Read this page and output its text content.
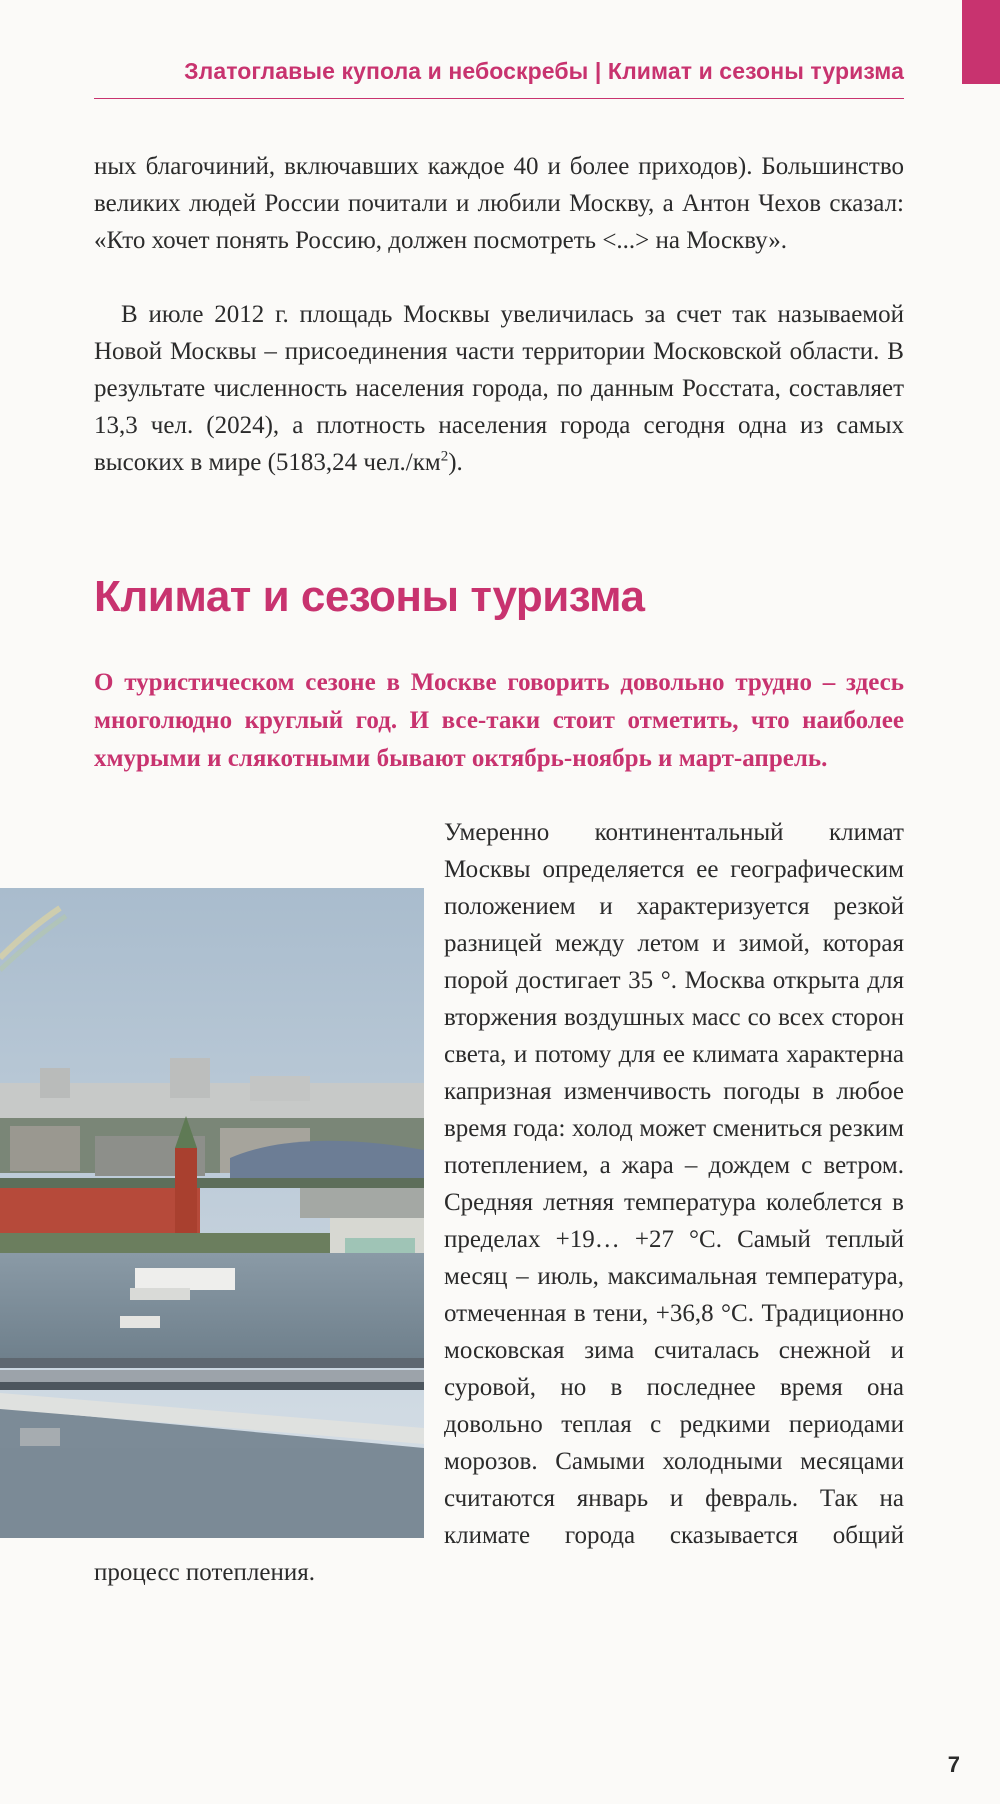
Златоглавые купола и небоскребы | Климат и сезоны туризма

ных благочиний, включавших каждое 40 и более приходов). Большинство великих людей России почитали и любили Москву, а Антон Чехов сказал: «Кто хочет понять Россию, должен посмотреть <...> на Москву».

В июле 2012 г. площадь Москвы увеличилась за счет так называемой Новой Москвы – присоединения части территории Московской области. В результате численность населения города, по данным Росстата, составляет 13,3 чел. (2024), а плотность населения города сегодня одна из самых высоких в мире (5183,24 $чел./км^2$).

Климат и сезоны туризма

О туристическом сезоне в Москве говорить довольно трудно – здесь многолюдно круглый год. И все-таки стоит отметить, что наиболее хмурыми и слякотными бывают октябрь-ноябрь и март-апрель.

Умеренно континентальный климат Москвы определяется ее географическим положением и характеризуется резкой разницей между летом и зимой, которая порой достигает 35 °. Москва открыта для вторжения воздушных масс со всех сторон света, и потому для ее климата характерна капризная изменчивость погоды в любое время года: холод может смениться резким потеплением, а жара – дождем с ветром. Средняя летняя температура колеблется в пределах +19… +27 °С. Самый теплый месяц – июль, максимальная температура, отмеченная в тени, +36,8 °С. Традиционно московская зима считалась снежной и суровой, но в последнее время она довольно теплая с редкими периодами морозов. Самыми холодными месяцами считаются январь и февраль. Так на климате города сказывается общий процесс потепления.
7
